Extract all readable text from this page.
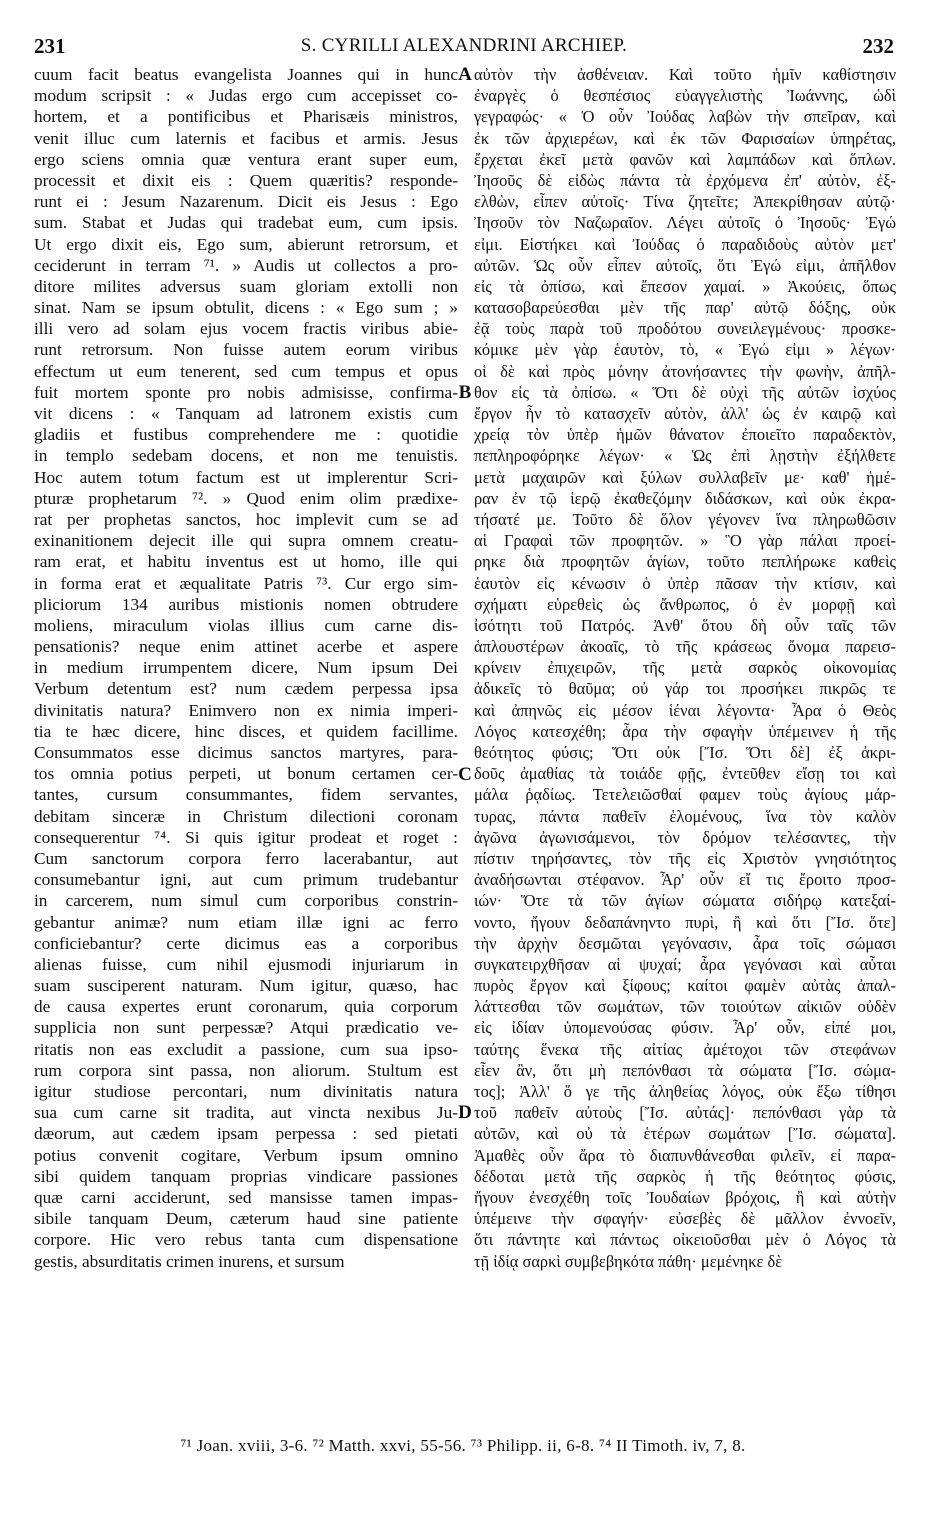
231	S. CYRILLI ALEXANDRINI ARCHIEP.	232
cuum facit beatus evangelista Joannes qui in hunc
modum scripsit : « Judas ergo cum accepisset co-
hortem, et a pontificibus et Pharisæis ministros,
venit illuc cum laternis et facibus et armis. Jesus
ergo sciens omnia quæ ventura erant super eum,
processit et dixit eis : Quem quæritis? responde-
runt ei : Jesum Nazarenum. Dicit eis Jesus : Ego
sum. Stabat et Judas qui tradebat eum, cum ipsis.
Ut ergo dixit eis, Ego sum, abierunt retrorsum, et
ceciderunt in terram ⁷¹. » Audis ut collectos a pro-
ditore milites adversus suam gloriam extolli non
sinat. Nam se ipsum obtulit, dicens : « Ego sum ; »
illi vero ad solam ejus vocem fractis viribus abie-
runt retrorsum. Non fuisse autem eorum viribus
effectum ut eum tenerent, sed cum tempus et opus
fuit mortem sponte pro nobis admisisse, confirma-
vit dicens : « Tanquam ad latronem existis cum
gladiis et fustibus comprehendere me : quotidie
in templo sedebam docens, et non me tenuistis.
Hoc autem totum factum est ut implerentur Scri-
pturæ prophetarum ⁷². » Quod enim olim prædixe-
rat per prophetas sanctos, hoc implevit cum se ad
exinanitionem dejecit ille qui supra omnem creatu-
ram erat, et habitu inventus est ut homo, ille qui
in forma erat et æqualitate Patris ⁷³. Cur ergo sim-
pliciorum 134 auribus mistionis nomen obtrudere
moliens, miraculum violas illius cum carne dis-
pensationis? neque enim attinet acerbe et aspere
in medium irrumpentem dicere, Num ipsum Dei
Verbum detentum est? num cædem perpessa ipsa
divinitatis natura? Enimvero non ex nimia imperi-
tia te hæc dicere, hinc disces, et quidem facillime.
Consummatos esse dicimus sanctos martyres, para-
tos omnia potius perpeti, ut bonum certamen cer-
tantes, cursum consummantes, fidem servantes,
debitam sinceræ in Christum dilectioni coronam
consequerentur ⁷⁴. Si quis igitur prodeat et roget :
Cum sanctorum corpora ferro lacerabantur, aut
consumebantur igni, aut cum primum trudebantur
in carcerem, num simul cum corporibus constrin-
gebantur animæ? num etiam illæ igni ac ferro
conficiebantur? certe dicimus eas a corporibus
alienas fuisse, cum nihil ejusmodi injuriarum in
suam susciperent naturam. Num igitur, quæso, hac
de causa expertes erunt coronarum, quia corporum
supplicia non sunt perpessæ? Atqui prædicatio ve-
ritatis non eas excludit a passione, cum sua ipso-
rum corpora sint passa, non aliorum. Stultum est
igitur studiose percontari, num divinitatis natura
sua cum carne sit tradita, aut vincta nexibus Ju-
dæorum, aut cædem ipsam perpessa : sed pietati
potius convenit cogitare, Verbum ipsum omnino
sibi quidem tanquam proprias vindicare passiones
quæ carni acciderunt, sed mansisse tamen impas-
sibile tanquam Deum, cæterum haud sine patiente
corpore. Hic vero rebus tanta cum dispensatione
gestis, absurditatis crimen inurens, et sursum
αὐτὸν τὴν ἀσθένειαν. Καὶ τοῦτο ἡμῖν καθίστησιν
ἐναργὲς ὁ θεσπέσιος εὐαγγελιστὴς Ἰωάννης, ὡδὶ
γεγραφώς· « Ὁ οὖν Ἰούδας λαβὼν τὴν σπεῖραν, καὶ
ἐκ τῶν ἀρχιερέων, καὶ ἐκ τῶν Φαρισαίων ὑπηρέτας,
ἔρχεται ἐκεῖ μετὰ φανῶν καὶ λαμπάδων καὶ ὅπλων.
Ἰησοῦς δὲ εἰδὼς πάντα τὰ ἐρχόμενα ἐπ' αὐτὸν, ἐξ-
ελθὼν, εἶπεν αὐτοῖς· Τίνα ζητεῖτε; Ἀπεκρίθησαν αὐτῷ·
Ἰησοῦν τὸν Ναζωραῖον. Λέγει αὐτοῖς ὁ Ἰησοῦς· Ἐγώ
εἰμι. Εἱστήκει καὶ Ἰούδας ὁ παραδιδοὺς αὐτὸν μετ'
αὐτῶν. Ὡς οὖν εἶπεν αὐτοῖς, ὅτι Ἐγώ εἰμι, ἀπῆλθον
εἰς τὰ ὀπίσω, καὶ ἔπεσον χαμαί. » Ἀκούεις, ὅπως
κατασοβαρεύεσθαι μὲν τῆς παρ' αὐτῷ δόξης, οὐκ
ἐᾷ τοὺς παρὰ τοῦ προδότου συνειλεγμένους· προσκε-
κόμικε μὲν γὰρ ἑαυτὸν, τὸ, « Ἐγώ εἰμι » λέγων·
οἱ δὲ καὶ πρὸς μόνην ἀτονήσαντες τὴν φωνὴν, ἀπῆλ-
θον εἰς τὰ ὀπίσω. « Ὅτι δὲ οὐχὶ τῆς αὐτῶν ἰσχύος
ἔργον ἦν τὸ κατασχεῖν αὐτὸν, ἀλλ' ὡς ἐν καιρῷ καὶ
χρείᾳ τὸν ὑπὲρ ἡμῶν θάνατον ἐποιεῖτο παραδεκτὸν,
πεπληροφόρηκε λέγων· « Ὡς ἐπὶ λῃστὴν ἐξήλθετε
μετὰ μαχαιρῶν καὶ ξύλων συλλαβεῖν με· καθ' ἡμέ-
ραν ἐν τῷ ἱερῷ ἐκαθεζόμην διδάσκων, καὶ οὐκ ἐκρα-
τήσατέ με. Τοῦτο δὲ ὅλον γέγονεν ἵνα πληρωθῶσιν
αἱ Γραφαὶ τῶν προφητῶν. » Ὃ γὰρ πάλαι προεί-
ρηκε διὰ προφητῶν ἁγίων, τοῦτο πεπλήρωκε καθεὶς
ἑαυτὸν εἰς κένωσιν ὁ ὑπὲρ πᾶσαν τὴν κτίσιν, καὶ
σχήματι εὑρεθεὶς ὡς ἄνθρωπος, ὁ ἐν μορφῇ καὶ
ἰσότητι τοῦ Πατρός. Ἀνθ' ὅτου δὴ οὖν ταῖς τῶν
ἁπλουστέρων ἀκοαῖς, τὸ τῆς κράσεως ὄνομα παρεισ-
κρίνειν ἐπιχειρῶν, τῆς μετὰ σαρκὸς οἰκονομίας
ἀδικεῖς τὸ θαῦμα; οὐ γάρ τοι προσήκει πικρῶς τε
καὶ ἀπηνῶς εἰς μέσον ἱέναι λέγοντα· Ἆρα ὁ Θεὸς
Λόγος κατεσχέθη; ἆρα τὴν σφαγὴν ὑπέμεινεν ἡ τῆς
θεότητος φύσις; Ὅτι οὐκ [Ἴσ. Ὅτι δὲ] ἐξ ἀκρι-
δοῦς ἀμαθίας τὰ τοιάδε φῇς, ἐντεῦθεν εἴσῃ τοι καὶ
μάλα ῥᾳδίως. Τετελειῶσθαί φαμεν τοὺς ἁγίους μάρ-
τυρας, πάντα παθεῖν ἑλομένους, ἵνα τὸν καλὸν
ἀγῶνα ἀγωνισάμενοι, τὸν δρόμον τελέσαντες, τὴν
πίστιν τηρήσαντες, τὸν τῆς εἰς Χριστὸν γνησιότητος
ἀναδήσωνται στέφανον. Ἆρ' οὖν εἴ τις ἔροιτο προσ-
ιών· Ὅτε τὰ τῶν ἁγίων σώματα σιδήρῳ κατεξαί-
νοντο, ἤγουν δεδαπάνηντο πυρὶ, ἢ καὶ ὅτι [Ἴσ. ὅτε]
τὴν ἀρχὴν δεσμῶται γεγόνασιν, ἆρα τοῖς σώμασι
συγκατειρχθῆσαν αἱ ψυχαί; ἆρα γεγόνασι καὶ αὗται
πυρὸς ἔργον καὶ ξίφους; καίτοι φαμὲν αὐτὰς ἀπαλ-
λάττεσθαι τῶν σωμάτων, τῶν τοιούτων αἰκιῶν οὐδὲν
εἰς ἰδίαν ὑπομενούσας φύσιν. Ἆρ' οὖν, εἰπέ μοι,
ταύτης ἕνεκα τῆς αἰτίας ἀμέτοχοι τῶν στεφάνων
εἶεν ἂν, ὅτι μὴ πεπόνθασι τὰ σώματα [Ἴσ. σώμα-
τος]; Ἀλλ' ὅ γε τῆς ἀληθείας λόγος, οὐκ ἔξω τίθησι
τοῦ παθεῖν αὐτοὺς [Ἴσ. αὐτάς]· πεπόνθασι γὰρ τὰ
αὐτῶν, καὶ οὐ τὰ ἑτέρων σωμάτων [Ἴσ. σώματα].
Ἀμαθὲς οὖν ἄρα τὸ διαπυνθάνεσθαι φιλεῖν, εἰ παρα-
δέδοται μετὰ τῆς σαρκὸς ἡ τῆς θεότητος φύσις,
ἤγουν ἐνεσχέθη τοῖς Ἰουδαίων βρόχοις, ἢ καὶ αὐτὴν
ὑπέμεινε τὴν σφαγήν· εὐσεβὲς δὲ μᾶλλον ἐννοεῖν,
ὅτι πάντητε καὶ πάντως οἰκειοῦσθαι μὲν ὁ Λόγος τὰ
τῇ ἰδίᾳ σαρκὶ συμβεβηκότα πάθη· μεμένηκε δὲ
A
B
C
D
⁷¹ Joan. xviii, 3-6. ⁷² Matth. xxvi, 55-56. ⁷³ Philipp. ii, 6-8. ⁷⁴ II Timoth. iv, 7, 8.
